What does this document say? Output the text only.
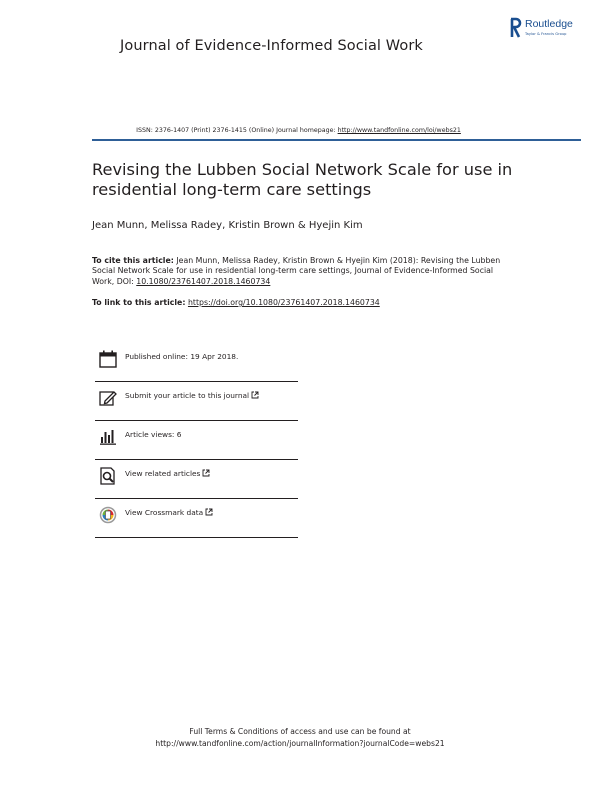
Journal of Evidence-Informed Social Work
Routledge
Taylor & Francis Group
ISSN: 2376-1407 (Print) 2376-1415 (Online) Journal homepage: http://www.tandfonline.com/loi/webs21
Revising the Lubben Social Network Scale for use in residential long-term care settings
Jean Munn, Melissa Radey, Kristin Brown & Hyejin Kim
To cite this article: Jean Munn, Melissa Radey, Kristin Brown & Hyejin Kim (2018): Revising the Lubben Social Network Scale for use in residential long-term care settings, Journal of Evidence-Informed Social Work, DOI: 10.1080/23761407.2018.1460734
To link to this article: https://doi.org/10.1080/23761407.2018.1460734
Published online: 19 Apr 2018.
Submit your article to this journal
Article views: 6
View related articles
View Crossmark data
Full Terms & Conditions of access and use can be found at
http://www.tandfonline.com/action/journalInformation?journalCode=webs21
